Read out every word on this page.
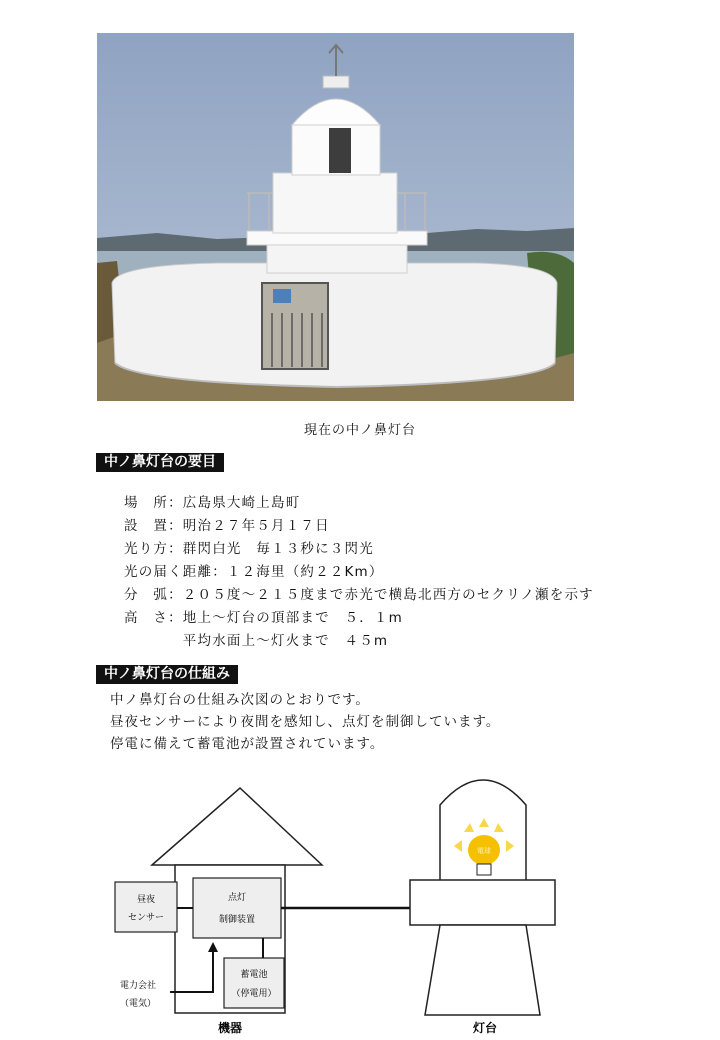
現在の中ノ鼻灯台
中ノ鼻灯台の要目
場　所：広島県大崎上島町
設　置：明治２７年５月１７日
光り方：群閃白光　毎１３秒に３閃光
光の届く距離：１２海里（約２２Km）
分　弧：２０５度～２１５度まで赤光で横島北西方のセクリノ瀬を示す
高　さ：地上～灯台の頂部まで　５．１m
　　　　平均水面上～灯火まで　４５m
中ノ鼻灯台の仕組み
中ノ鼻灯台の仕組み次図のとおりです。
昼夜センサーにより夜間を感知し、点灯を制御しています。
停電に備えて蓄電池が設置されています。
点灯
制御装置
昼夜
センサー
蓄電池
（停電用）
電力会社
（電気）
電球
機器	灯台
